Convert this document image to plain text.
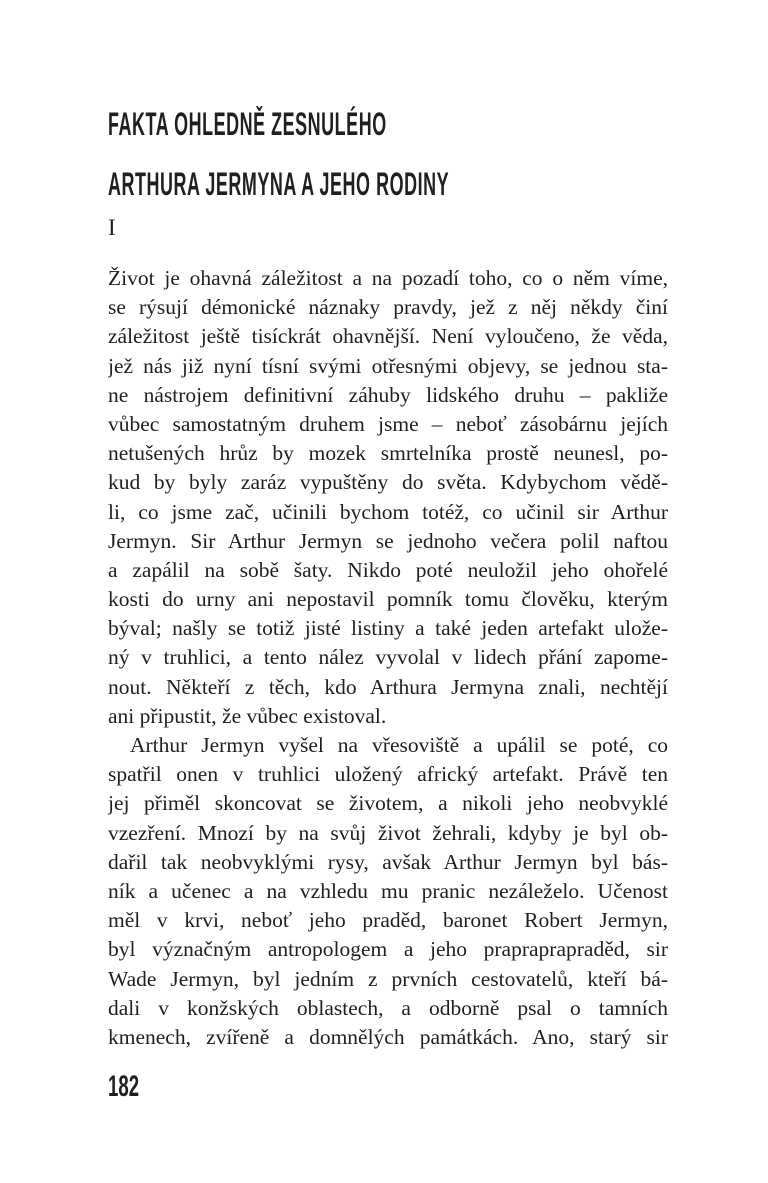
FAKTA OHLEDNĚ ZESNULÉHO
ARTHURA JERMYNA A JEHO RODINY
I
Život je ohavná záležitost a na pozadí toho, co o něm víme,
se rýsují démonické náznaky pravdy, jež z něj někdy činí
záležitost ještě tisíckrát ohavnější. Není vyloučeno, že věda,
jež nás již nyní tísní svými otřesnými objevy, se jednou sta-
ne nástrojem definitivní záhuby lidského druhu – pakliže
vůbec samostatným druhem jsme – neboť zásobárnu jejích
netušených hrůz by mozek smrtelníka prostě neunesl, po-
kud by byly zaráz vypuštěny do světa. Kdybychom vědě-
li, co jsme zač, učinili bychom totéž, co učinil sir Arthur
Jermyn. Sir Arthur Jermyn se jednoho večera polil naftou
a zapálil na sobě šaty. Nikdo poté neuložil jeho ohořelé
kosti do urny ani nepostavil pomník tomu člověku, kterým
býval; našly se totiž jisté listiny a také jeden artefakt ulože-
ný v truhlici, a tento nález vyvolal v lidech přání zapome-
nout. Někteří z těch, kdo Arthura Jermyna znali, nechtějí
ani připustit, že vůbec existoval.
Arthur Jermyn vyšel na vřesoviště a upálil se poté, co
spatřil onen v truhlici uložený africký artefakt. Právě ten
jej přiměl skoncovat se životem, a nikoli jeho neobvyklé
vzezření. Mnozí by na svůj život žehrali, kdyby je byl ob-
dařil tak neobvyklými rysy, avšak Arthur Jermyn byl bás-
ník a učenec a na vzhledu mu pranic nezáleželo. Učenost
měl v krvi, neboť jeho praděd, baronet Robert Jermyn,
byl význačným antropologem a jeho prapraprapraděd, sir
Wade Jermyn, byl jedním z prvních cestovatelů, kteří bá-
dali v konžských oblastech, a odborně psal o tamních
kmenech, zvířeně a domnělých památkách. Ano, starý sir
182
